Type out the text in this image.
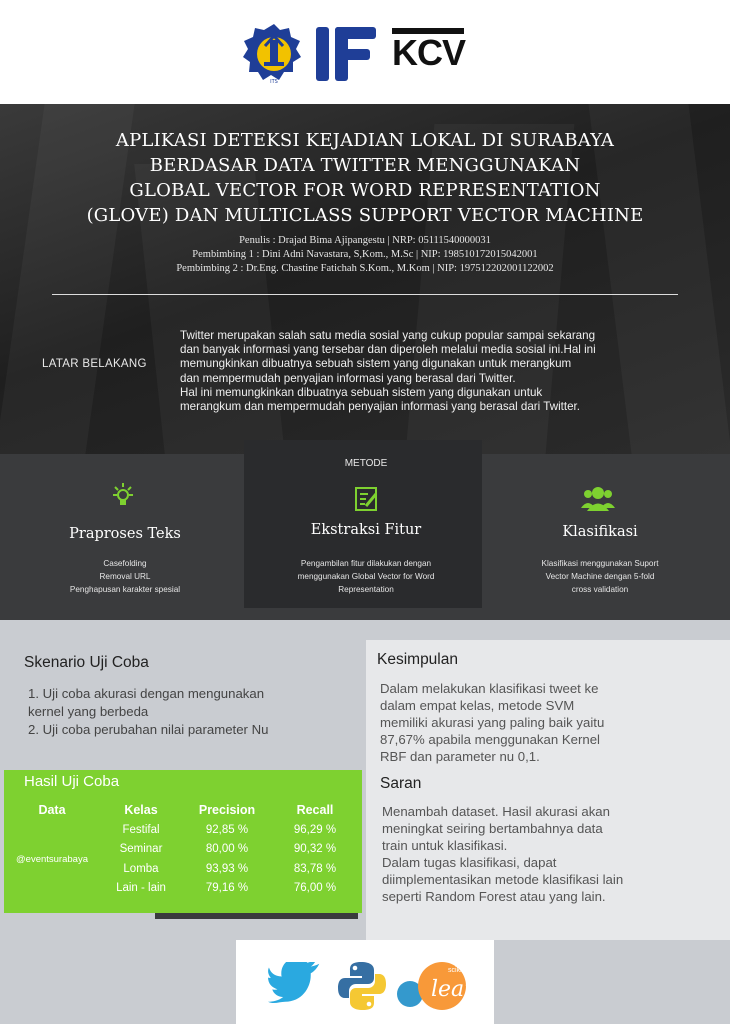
ITS
KCV
APLIKASI DETEKSI KEJADIAN LOKAL DI SURABAYA
BERDASAR DATA TWITTER MENGGUNAKAN
GLOBAL VECTOR FOR WORD REPRESENTATION
(GLOVE) DAN MULTICLASS SUPPORT VECTOR MACHINE
Penulis : Drajad Bima Ajipangestu | NRP: 05111540000031
Pembimbing 1 : Dini Adni Navastara, S,Kom., M.Sc | NIP: 198510172015042001
Pembimbing 2 : Dr.Eng. Chastine Fatichah S.Kom., M.Kom | NIP: 197512202001122002
LATAR BELAKANG
Twitter merupakan salah satu media sosial yang cukup popular sampai sekarang
dan banyak informasi yang tersebar dan diperoleh melalui media sosial ini.Hal ini
memungkinkan dibuatnya sebuah sistem yang digunakan untuk merangkum
dan mempermudah penyajian informasi yang berasal dari Twitter.
Hal ini memungkinkan dibuatnya sebuah sistem yang digunakan untuk
merangkum dan mempermudah penyajian informasi yang berasal dari Twitter.
Praproses Teks
Casefolding
Removal URL
Penghapusan karakter spesial
METODE
Ekstraksi Fitur
Pengambilan fitur dilakukan dengan
menggunakan Global Vector for Word
Representation
Klasifikasi
Klasifikasi menggunakan Suport
Vector Machine dengan 5-fold
cross validation
Skenario Uji Coba
1. Uji coba akurasi dengan mengunakan
kernel yang berbeda
2. Uji coba perubahan nilai parameter Nu
Hasil Uji Coba
Data	Kelas	Precision	Recall
@eventsurabaya	Festifal	92,85 %	96,29 %
	Seminar	80,00 %	90,32 %
	Lomba	93,93 %	83,78 %
	Lain - lain	79,16 %	76,00 %
Kesimpulan
Dalam melakukan klasifikasi tweet ke
dalam empat kelas, metode SVM
memiliki akurasi yang paling baik yaitu
87,67% apabila menggunakan Kernel
RBF dan parameter nu 0,1.
Saran
Menambah dataset. Hasil akurasi akan
meningkat seiring bertambahnya data
train untuk klasifikasi.
Dalam tugas klasifikasi, dapat
diimplementasikan metode klasifikasi lain
seperti Random Forest atau yang lain.
scikit
learn
